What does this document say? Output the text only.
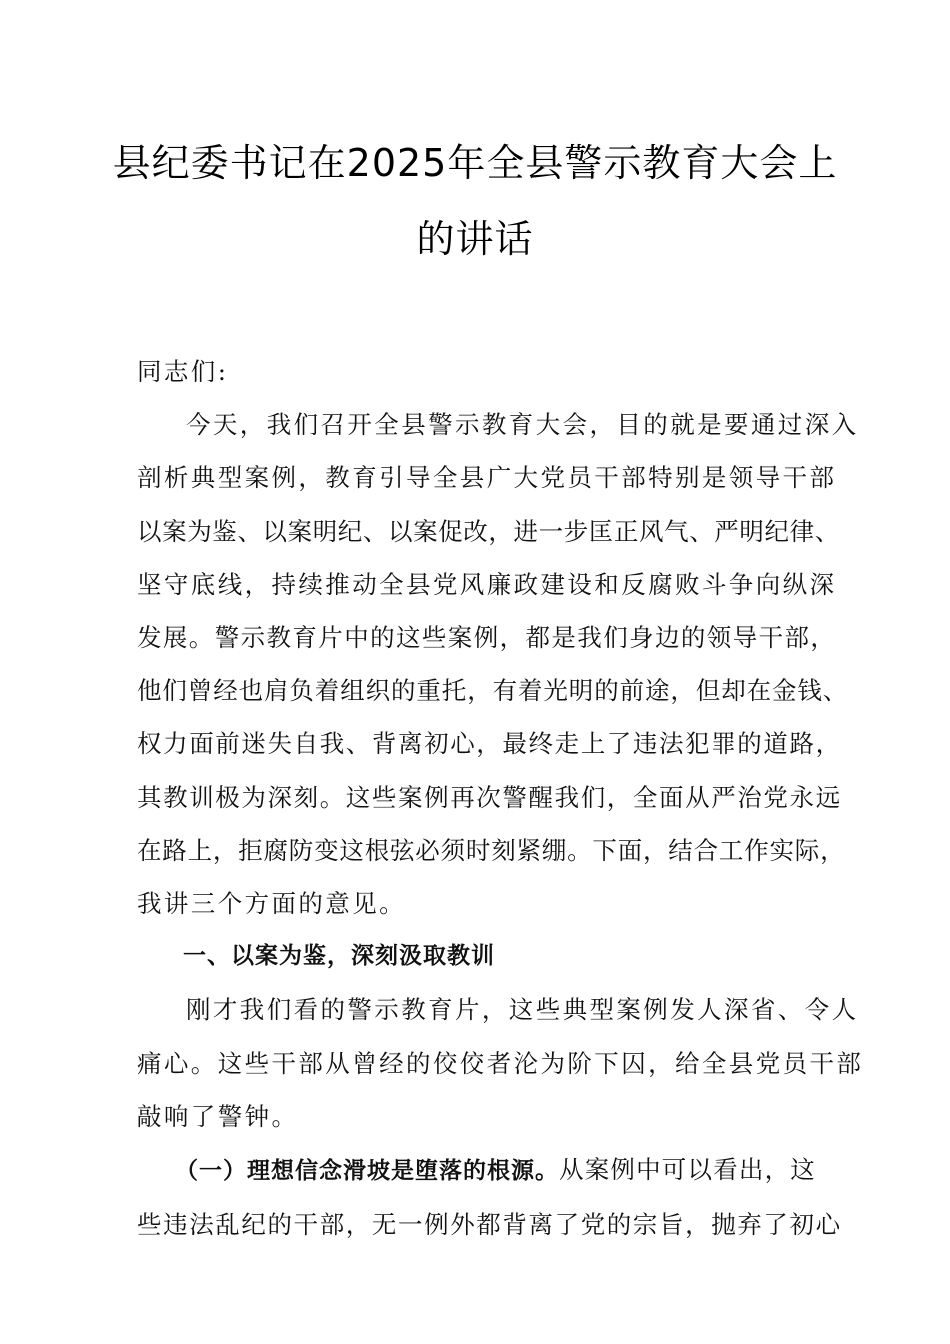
县纪委书记在2025年全县警示教育大会上
的讲话
同志们:
今天，我们召开全县警示教育大会，目的就是要通过深入
剖析典型案例，教育引导全县广大党员干部特别是领导干部
以案为鉴、以案明纪、以案促改，进一步匡正风气、严明纪律、
坚守底线，持续推动全县党风廉政建设和反腐败斗争向纵深
发展。警示教育片中的这些案例，都是我们身边的领导干部，
他们曾经也肩负着组织的重托，有着光明的前途，但却在金钱、
权力面前迷失自我、背离初心，最终走上了违法犯罪的道路，
其教训极为深刻。这些案例再次警醒我们，全面从严治党永远
在路上，拒腐防变这根弦必须时刻紧绷。下面，结合工作实际，
我讲三个方面的意见。
一、以案为鉴，深刻汲取教训
刚才我们看的警示教育片，这些典型案例发人深省、令人
痛心。这些干部从曾经的佼佼者沦为阶下囚，给全县党员干部
敲响了警钟。
（一）理想信念滑坡是堕落的根源。从案例中可以看出，这
些违法乱纪的干部，无一例外都背离了党的宗旨，抛弃了初心
